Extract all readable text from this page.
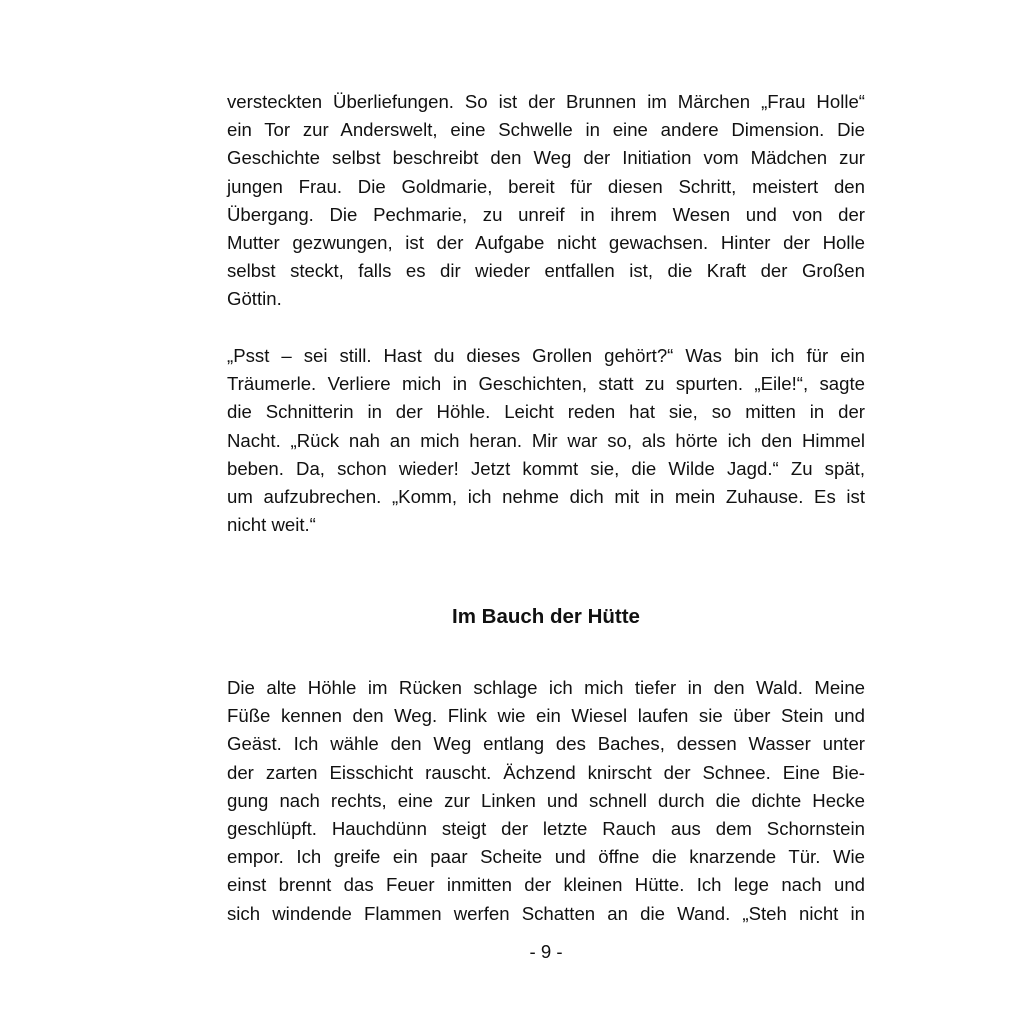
versteckten Überliefungen. So ist der Brunnen im Märchen „Frau Holle“
ein Tor zur Anderswelt, eine Schwelle in eine andere Dimension. Die
Geschichte selbst beschreibt den Weg der Initiation vom Mädchen zur
jungen Frau. Die Goldmarie, bereit für diesen Schritt, meistert den
Übergang. Die Pechmarie, zu unreif in ihrem Wesen und von der
Mutter gezwungen, ist der Aufgabe nicht gewachsen. Hinter der Holle
selbst steckt, falls es dir wieder entfallen ist, die Kraft der Großen
Göttin.
„Psst – sei still. Hast du dieses Grollen gehört?“ Was bin ich für ein
Träumerle. Verliere mich in Geschichten, statt zu spurten. „Eile!“, sagte
die Schnitterin in der Höhle. Leicht reden hat sie, so mitten in der
Nacht. „Rück nah an mich heran. Mir war so, als hörte ich den Himmel
beben. Da, schon wieder! Jetzt kommt sie, die Wilde Jagd.“ Zu spät,
um aufzubrechen. „Komm, ich nehme dich mit in mein Zuhause. Es ist
nicht weit.“
Im Bauch der Hütte
Die alte Höhle im Rücken schlage ich mich tiefer in den Wald. Meine
Füße kennen den Weg. Flink wie ein Wiesel laufen sie über Stein und
Geäst. Ich wähle den Weg entlang des Baches, dessen Wasser unter
der zarten Eisschicht rauscht. Ächzend knirscht der Schnee. Eine Bie-
gung nach rechts, eine zur Linken und schnell durch die dichte Hecke
geschlüpft. Hauchdünn steigt der letzte Rauch aus dem Schornstein
empor. Ich greife ein paar Scheite und öffne die knarzende Tür. Wie
einst brennt das Feuer inmitten der kleinen Hütte. Ich lege nach und
sich windende Flammen werfen Schatten an die Wand. „Steh nicht in
- 9 -
